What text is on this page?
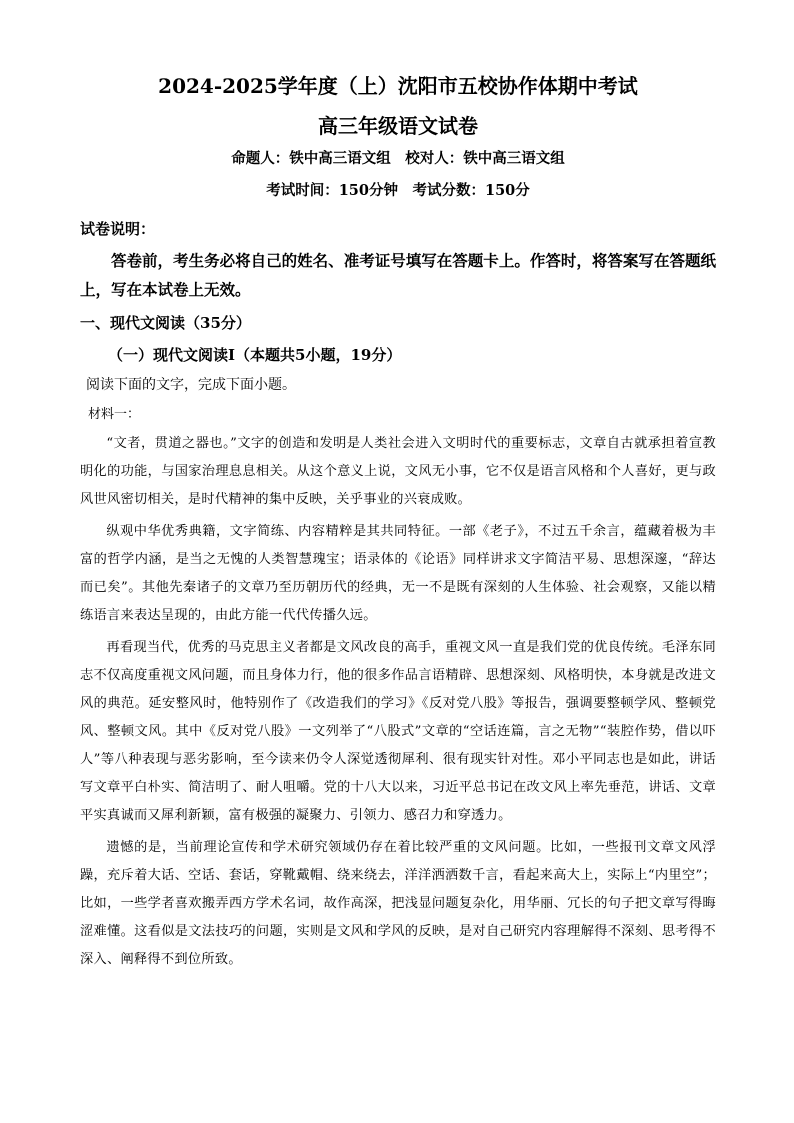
2024-2025学年度（上）沈阳市五校协作体期中考试
高三年级语文试卷
命题人：铁中高三语文组　校对人：铁中高三语文组
考试时间：150分钟　考试分数：150分
试卷说明：
答卷前，考生务必将自己的姓名、准考证号填写在答题卡上。作答时，将答案写在答题纸上，写在本试卷上无效。
一、现代文阅读（35分）
（一）现代文阅读Ⅰ（本题共5小题，19分）
阅读下面的文字，完成下面小题。
材料一：

“文者，贯道之器也。”文字的创造和发明是人类社会进入文明时代的重要标志，文章自古就承担着宣教明化的功能，与国家治理息息相关。从这个意义上说，文风无小事，它不仅是语言风格和个人喜好，更与政风世风密切相关，是时代精神的集中反映，关乎事业的兴衰成败。

纵观中华优秀典籍，文字简练、内容精粹是其共同特征。一部《老子》，不过五千余言，蕴藏着极为丰富的哲学内涵，是当之无愧的人类智慧瑰宝；语录体的《论语》同样讲求文字简洁平易、思想深邃，“辞达而已矣”。其他先秦诸子的文章乃至历朝历代的经典，无一不是既有深刻的人生体验、社会观察，又能以精练语言来表达呈现的，由此方能一代代传播久远。

再看现当代，优秀的马克思主义者都是文风改良的高手，重视文风一直是我们党的优良传统。毛泽东同志不仅高度重视文风问题，而且身体力行，他的很多作品言语精辟、思想深刻、风格明快，本身就是改进文风的典范。延安整风时，他特别作了《改造我们的学习》《反对党八股》等报告，强调要整顿学风、整顿党风、整顿文风。其中《反对党八股》一文列举了“八股式”文章的“空话连篇，言之无物”“装腔作势，借以吓人”等八种表现与恶劣影响，至今读来仍令人深觉透彻犀利、很有现实针对性。邓小平同志也是如此，讲话写文章平白朴实、简洁明了、耐人咀嚼。党的十八大以来，习近平总书记在改文风上率先垂范，讲话、文章平实真诚而又犀利新颖，富有极强的凝聚力、引领力、感召力和穿透力。

遗憾的是，当前理论宣传和学术研究领域仍存在着比较严重的文风问题。比如，一些报刊文章文风浮躁，充斥着大话、空话、套话，穿靴戴帽、绕来绕去，洋洋洒洒数千言，看起来高大上，实际上“内里空”；比如，一些学者喜欢搬弄西方学术名词，故作高深，把浅显问题复杂化，用华丽、冗长的句子把文章写得晦涩难懂。这看似是文法技巧的问题，实则是文风和学风的反映，是对自己研究内容理解得不深刻、思考得不深入、阐释得不到位所致。
